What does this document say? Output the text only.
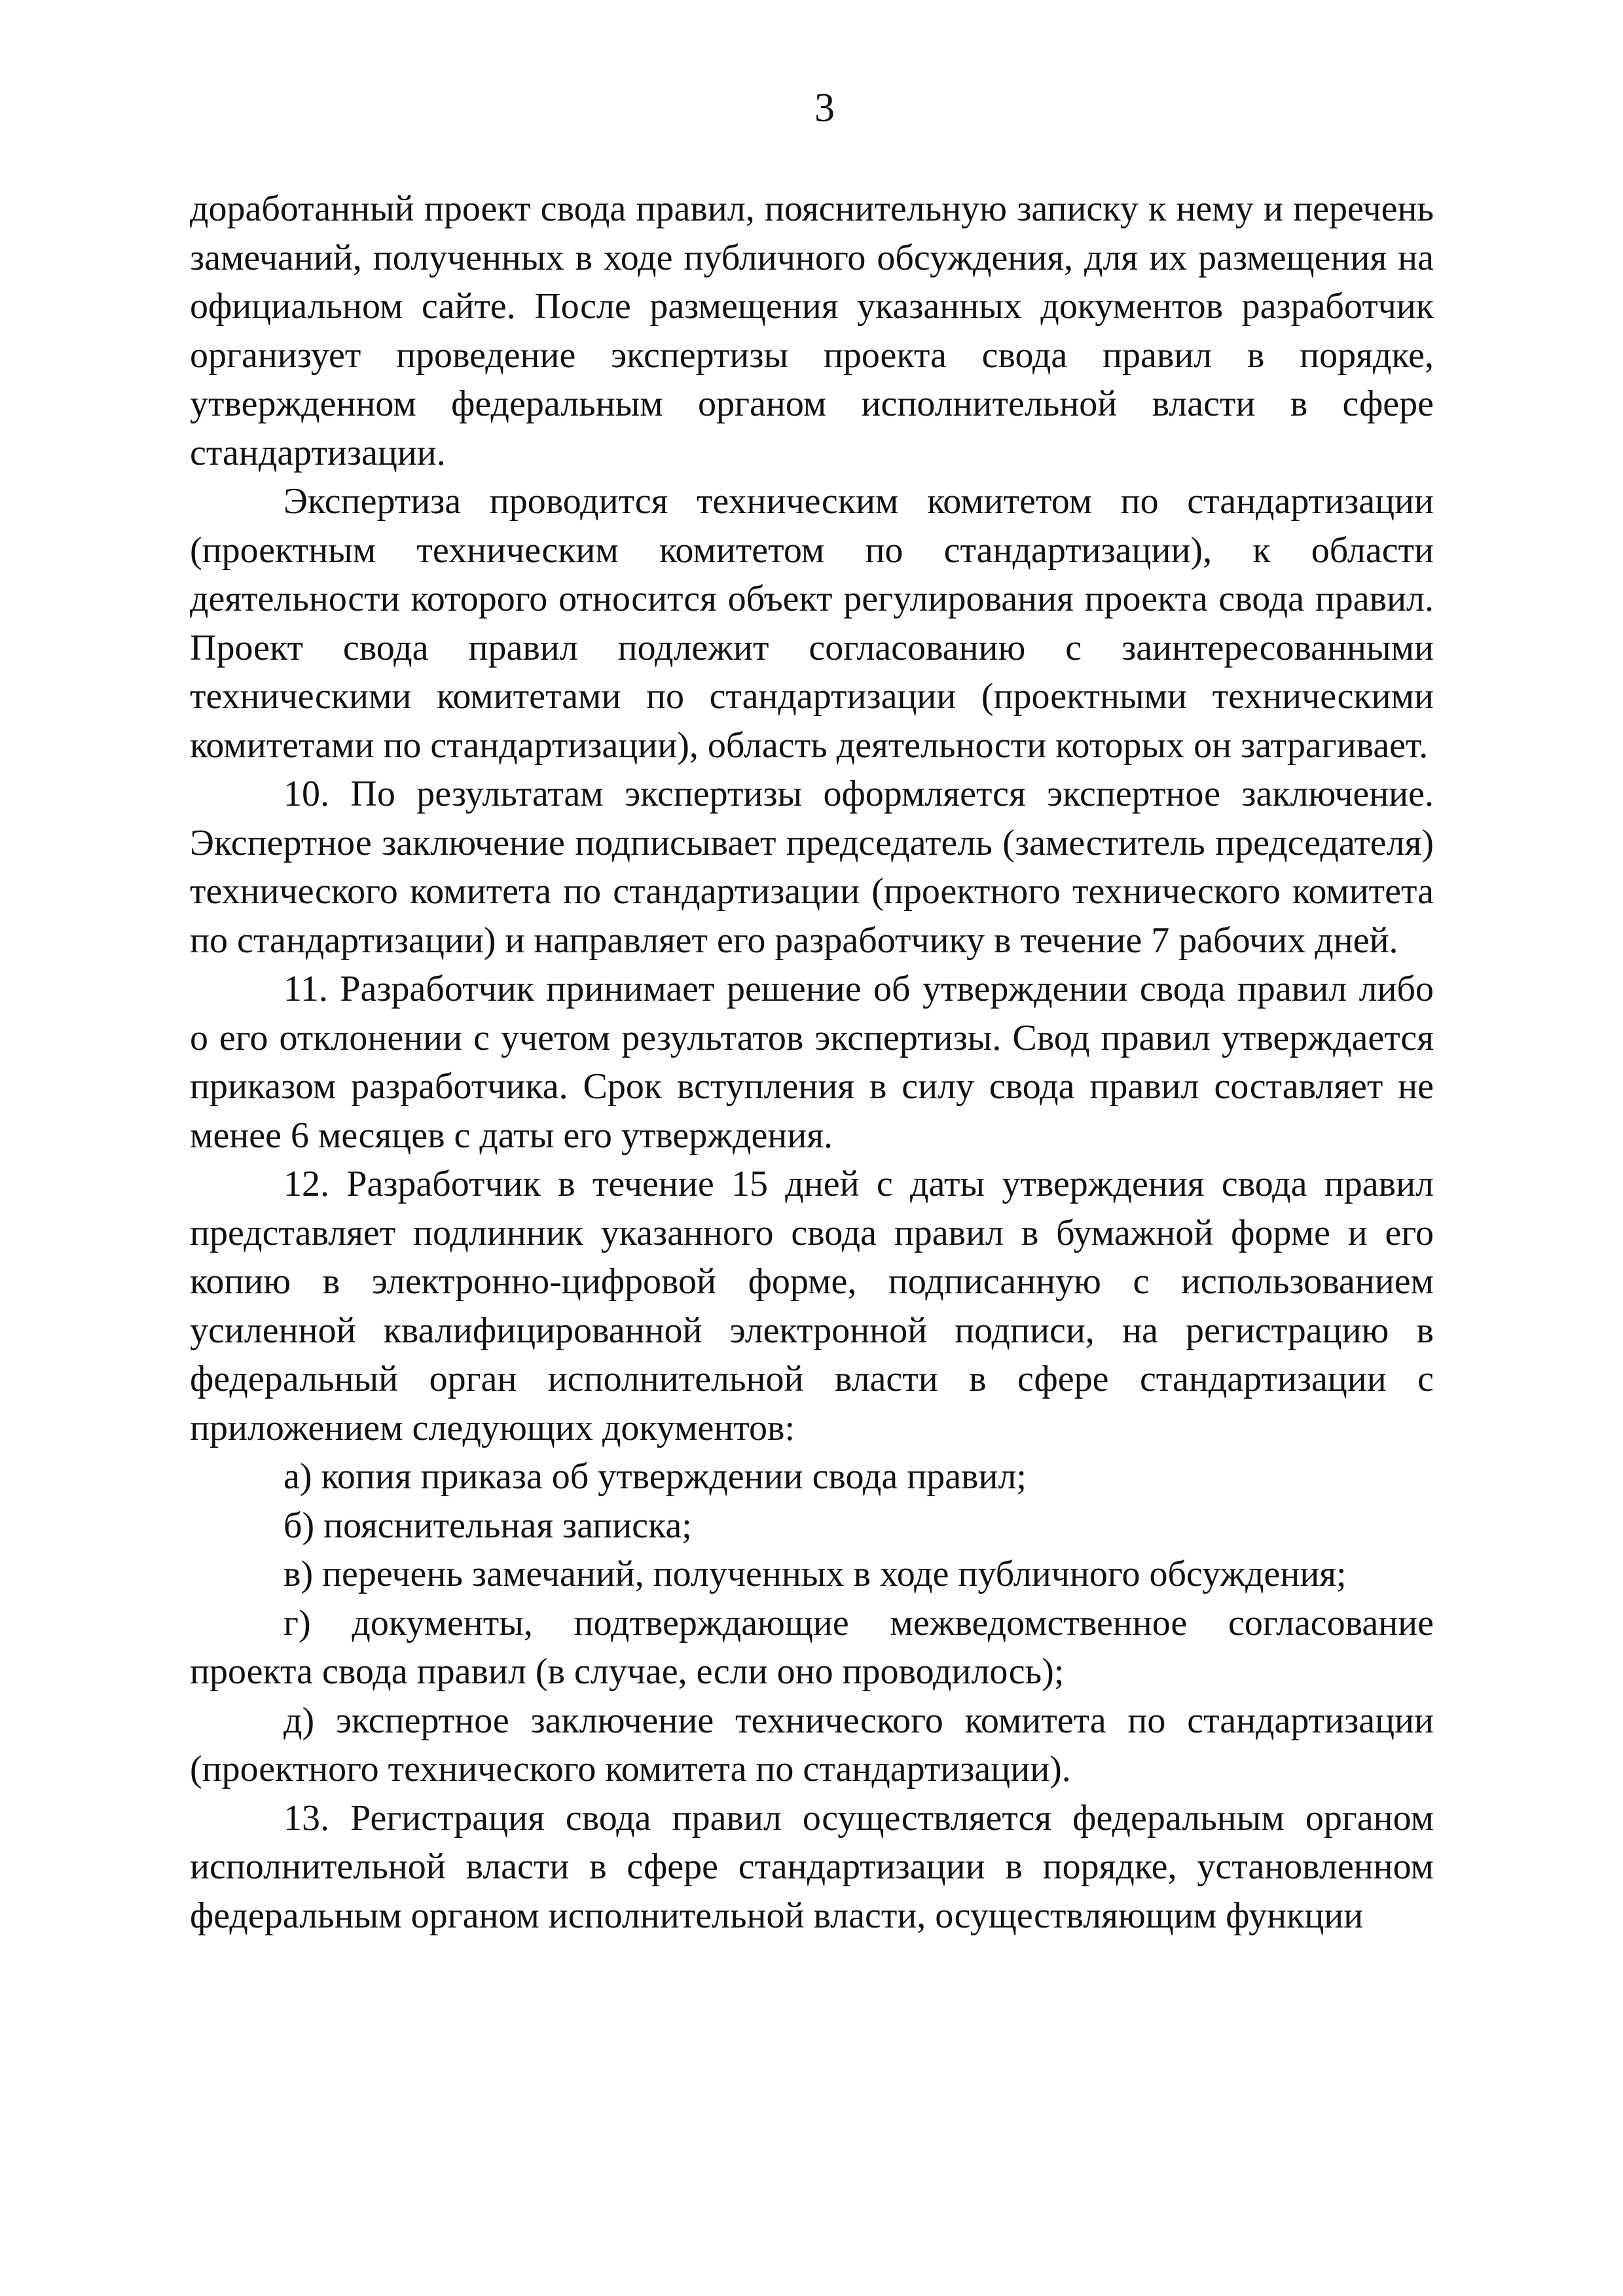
3

доработанный проект свода правил, пояснительную записку к нему и перечень замечаний, полученных в ходе публичного обсуждения, для их размещения на официальном сайте. После размещения указанных документов разработчик организует проведение экспертизы проекта свода правил в порядке, утвержденном федеральным органом исполнительной власти в сфере стандартизации.

Экспертиза проводится техническим комитетом по стандартизации (проектным техническим комитетом по стандартизации), к области деятельности которого относится объект регулирования проекта свода правил. Проект свода правил подлежит согласованию с заинтересованными техническими комитетами по стандартизации (проектными техническими комитетами по стандартизации), область деятельности которых он затрагивает.

10. По результатам экспертизы оформляется экспертное заключение. Экспертное заключение подписывает председатель (заместитель председателя) технического комитета по стандартизации (проектного технического комитета по стандартизации) и направляет его разработчику в течение 7 рабочих дней.

11. Разработчик принимает решение об утверждении свода правил либо о его отклонении с учетом результатов экспертизы. Свод правил утверждается приказом разработчика. Срок вступления в силу свода правил составляет не менее 6 месяцев с даты его утверждения.

12. Разработчик в течение 15 дней с даты утверждения свода правил представляет подлинник указанного свода правил в бумажной форме и его копию в электронно-цифровой форме, подписанную с использованием усиленной квалифицированной электронной подписи, на регистрацию в федеральный орган исполнительной власти в сфере стандартизации с приложением следующих документов:

а) копия приказа об утверждении свода правил;

б) пояснительная записка;

в) перечень замечаний, полученных в ходе публичного обсуждения;

г) документы, подтверждающие межведомственное согласование проекта свода правил (в случае, если оно проводилось);

д) экспертное заключение технического комитета по стандартизации (проектного технического комитета по стандартизации).

13. Регистрация свода правил осуществляется федеральным органом исполнительной власти в сфере стандартизации в порядке, установленном федеральным органом исполнительной власти, осуществляющим функции
